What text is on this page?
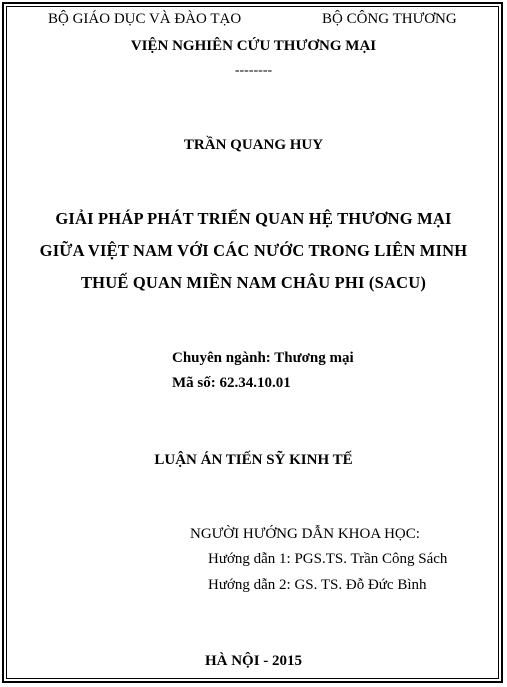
BỘ GIÁO DỤC VÀ ĐÀO TẠO	BỘ CÔNG THƯƠNG
VIỆN NGHIÊN CỨU THƯƠNG MẠI
--------
TRẦN QUANG HUY
GIẢI PHÁP PHÁT TRIỂN QUAN HỆ THƯƠNG MẠI
GIỮA VIỆT NAM VỚI CÁC NƯỚC TRONG LIÊN MINH
THUẾ QUAN MIỀN NAM CHÂU PHI (SACU)
Chuyên ngành: Thương mại
Mã số: 62.34.10.01
LUẬN ÁN TIẾN SỸ KINH TẾ
NGƯỜI HƯỚNG DẪN KHOA HỌC:
Hướng dẫn 1: PGS.TS. Trần Công Sách
Hướng dẫn 2: GS. TS. Đỗ Đức Bình
HÀ NỘI - 2015
